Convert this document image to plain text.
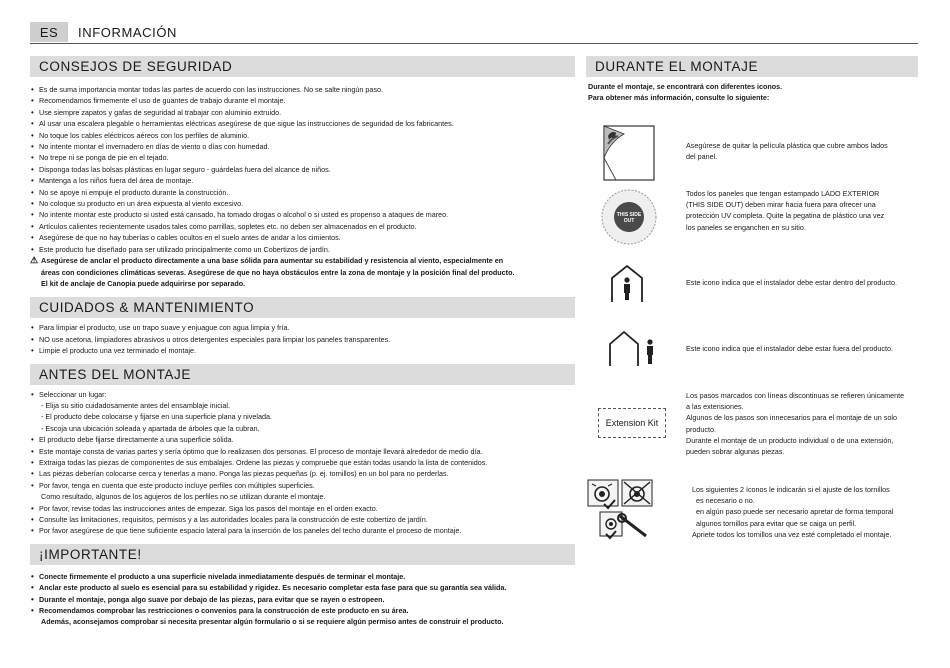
ES	INFORMACIÓN
CONSEJOS DE SEGURIDAD
• Es de suma importancia montar todas las partes de acuerdo con las instrucciones. No se salte ningún paso.
• Recomendamos firmemente el uso de guantes de trabajo durante el montaje.
• Use siempre zapatos y gafas de seguridad al trabajar con aluminio extruido.
• Al usar una escalera plegable o herramientas eléctricas asegúrese de que sigue las instrucciones de seguridad de los fabricantes.
• No toque los cables eléctricos aéreos con los perfiles de aluminio.
• No intente montar el invernadero en días de viento o días con humedad.
• No trepe ni se ponga de pie en el tejado.
• Disponga todas las bolsas plásticas en lugar seguro - guárdelas fuera del alcance de niños.
• Mantenga a los niños fuera del área de montaje.
• No se apoye ni empuje el producto durante la construcción.
• No coloque su producto en un área expuesta al viento excesivo.
• No intente montar este producto si usted está cansado, ha tomado drogas o alcohol o si usted es propenso a ataques de mareo.
• Artículos calientes recientemente usados tales como parrillas, sopletes etc. no deben ser almacenados en el producto.
• Asegúrese de que no hay tuberías o cables ocultos en el suelo antes de andar a los cimientos.
• Este producto fue diseñado para ser utilizado principalmente como un Cobertizos de jardín.
⚠ Asegúrese de anclar el producto directamente a una base sólida para aumentar su estabilidad y resistencia al viento, especialmente en
áreas con condiciones climáticas severas. Asegúrese de que no haya obstáculos entre la zona de montaje y la posición final del producto.
El kit de anclaje de Canopia puede adquirirse por separado.
CUIDADOS & MANTENIMIENTO
• Para limpiar el producto, use un trapo suave y enjuague con agua limpia y fría.
• NO use acetona, limpiadores abrasivos u otros detergentes especiales para limpiar los paneles transparentes.
• Limpie el producto una vez terminado el montaje.
ANTES DEL MONTAJE
• Seleccionar un lugar:
- Elija su sitio cuidadosamente antes del ensamblaje inicial.
- El producto debe colocarse y fijarse en una superficie plana y nivelada.
- Escoja una ubicación soleada y apartada de árboles que la cubran.
• El producto debe fijarse directamente a una superficie sólida.
• Este montaje consta de varias partes y sería óptimo que lo realizasen dos personas. El proceso de montaje llevará alrededor de medio día.
• Extraiga todas las piezas de componentes de sus embalajes. Ordene las piezas y compruebe que están todas usando la lista de contenidos.
• Las piezas deberían colocarse cerca y tenerlas a mano. Ponga las piezas pequeñas (p. ej. tornillos) en un bol para no perderlas.
• Por favor, tenga en cuenta que este producto incluye perfiles con múltiples superficies.
Como resultado, algunos de los agujeros de los perfiles no se utilizan durante el montaje.
• Por favor, revise todas las instrucciones antes de empezar. Siga los pasos del montaje en el orden exacto.
• Consulte las limitaciones, requisitos, permisos y a las autoridades locales para la construcción de este cobertizo de jardín.
• Por favor asegúrese de que tiene suficiente espacio lateral para la inserción de los paneles del techo durante el proceso de montaje.
¡IMPORTANTE!
• Conecte firmemente el producto a una superficie nivelada inmediatamente después de terminar el montaje.
• Anclar este producto al suelo es esencial para su estabilidad y rigidez. Es necesario completar esta fase para que su garantía sea válida.
• Durante el montaje, ponga algo suave por debajo de las piezas, para evitar que se rayen o estropeen.
• Recomendamos comprobar las restricciones o convenios para la construcción de este producto en su área.
Además, aconsejamos comprobar si necesita presentar algún formulario o si se requiere algún permiso antes de construir el producto.
DURANTE EL MONTAJE
Durante el montaje, se encontrará con diferentes iconos.
Para obtener más información, consulte lo siguiente:
Asegúrese de quitar la película plástica que cubre ambos lados
del panel.
THIS SIDE
OUT
Todos los paneles que tengan estampado LADO EXTERIOR
(THIS SIDE OUT) deben mirar hacia fuera para ofrecer una
protección UV completa. Quite la pegatina de plástico una vez
los paneles se enganchen en su sitio.
Este icono indica que el instalador debe estar dentro del producto.
Este icono indica que el instalador debe estar fuera del producto.
Extension Kit
Los pasos marcados con líneas discontinuas se refieren únicamente
a las extensiones.
Algunos de los pasos son innecesarios para el montaje de un solo
producto.
Durante el montaje de un producto individual o de una extensión,
pueden sobrar algunas piezas.
Los siguientes 2 íconos le indicarán si el ajuste de los tornillos
es necesario o no.
en algún paso puede ser necesario apretar de forma temporal
algunos tornillos para evitar que se caiga un perfil.
Apriete todos los tornillos una vez esté completado el montaje.
